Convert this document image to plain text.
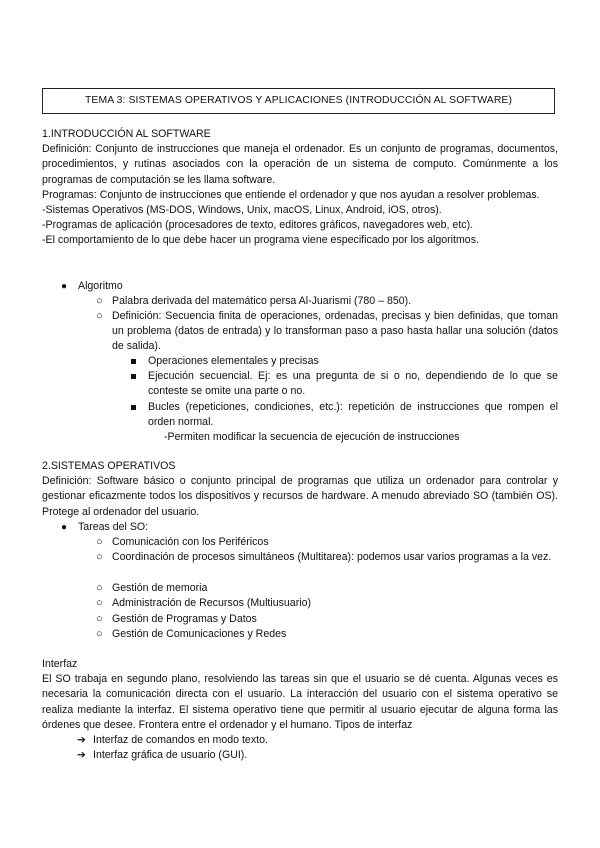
TEMA 3: SISTEMAS OPERATIVOS Y APLICACIONES (INTRODUCCIÓN AL SOFTWARE)

1.INTRODUCCIÓN AL SOFTWARE

Definición: Conjunto de instrucciones que maneja el ordenador. Es un conjunto de programas, documentos, procedimientos, y rutinas asociados con la operación de un sistema de computo. Comúnmente a los programas de computación se les llama software.

Programas: Conjunto de instrucciones que entiende el ordenador y que nos ayudan a resolver problemas.

-Sistemas Operativos (MS-DOS, Windows, Unix, macOS, Linux, Android, iOS, otros).

-Programas de aplicación (procesadores de texto, editores gráficos, navegadores web, etc).

-El comportamiento de lo que debe hacer un programa viene especificado por los algoritmos.

● Algoritmo
○ Palabra derivada del matemático persa Al-Juarismi (780 – 850).
○ Definición: Secuencia finita de operaciones, ordenadas, precisas y bien definidas, que toman un problema (datos de entrada) y lo transforman paso a paso hasta hallar una solución (datos de salida).
Operaciones elementales y precisas
Ejecución secuencial. Ej: es una pregunta de si o no, dependiendo de lo que se conteste se omite una parte o no.
Bucles (repeticiones, condiciones, etc.): repetición de instrucciones que rompen el orden normal.
-Permiten modificar la secuencia de ejecución de instrucciones

2.SISTEMAS OPERATIVOS

Definición: Software básico o conjunto principal de programas que utiliza un ordenador para controlar y gestionar eficazmente todos los dispositivos y recursos de hardware. A menudo abreviado SO (también OS). Protege al ordenador del usuario.

● Tareas del SO:
○ Comunicación con los Periféricos
○ Coordinación de procesos simultáneos (Multitarea): podemos usar varios programas a la vez.
○ Gestión de memoria
○ Administración de Recursos (Multiusuario)
○ Gestión de Programas y Datos
○ Gestión de Comunicaciones y Redes

Interfaz

El SO trabaja en segundo plano, resolviendo las tareas sin que el usuario se dé cuenta. Algunas veces es necesaria la comunicación directa con el usuario. La interacción del usuario con el sistema operativo se realiza mediante la interfaz. El sistema operativo tiene que permitir al usuario ejecutar de alguna forma las órdenes que desee. Frontera entre el ordenador y el humano. Tipos de interfaz

➔ Interfaz de comandos en modo texto.
➔ Interfaz gráfica de usuario (GUI).
